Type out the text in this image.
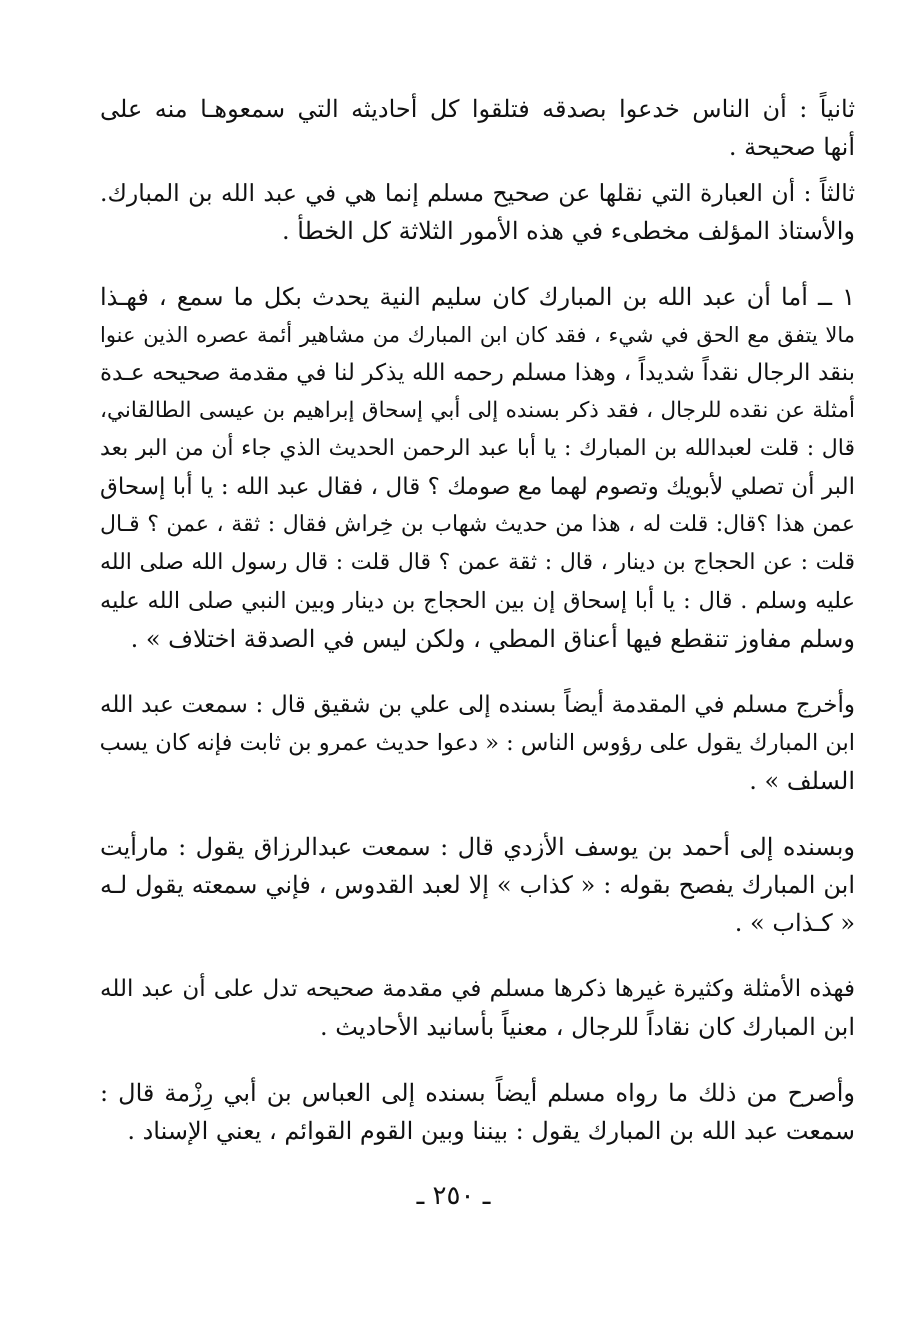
ثانياً : أن الناس خدعوا بصدقه فتلقوا كل أحاديثه التي سمعوهـا منه على
أنها صحيحة .
ثالثاً : أن العبارة التي نقلها عن صحيح مسلم إنما هي في عبد الله بن المبارك.
والأستاذ المؤلف مخطىء في هذه الأمور الثلاثة كل الخطأ .
١ ــ أما أن عبد الله بن المبارك كان سليم النية يحدث بكل ما سمع ، فهـذا
مالا يتفق مع الحق في شيء ، فقد كان ابن المبارك من مشاهير أئمة عصره الذين عنوا
بنقد الرجال نقداً شديداً ، وهذا مسلم رحمه الله يذكر لنا في مقدمة صحيحه عـدة
أمثلة عن نقده للرجال ، فقد ذكر بسنده إلى أبي إسحاق إبراهيم بن عيسى الطالقاني،
قال : قلت لعبدالله بن المبارك : يا أبا عبد الرحمن الحديث الذي جاء أن من البر بعد
البر أن تصلي لأبويك وتصوم لهما مع صومك ؟ قال ، فقال عبد الله : يا أبا إسحاق
عمن هذا ؟قال: قلت له ، هذا من حديث شهاب بن خِراش فقال : ثقة ، عمن ؟ قـال
قلت : عن الحجاج بن دينار ، قال : ثقة عمن ؟ قال قلت : قال رسول الله صلى الله
عليه وسلم . قال : يا أبا إسحاق إن بين الحجاج بن دينار وبين النبي صلى الله عليه
وسلم مفاوز تنقطع فيها أعناق المطي ، ولكن ليس في الصدقة اختلاف » .
وأخرج مسلم في المقدمة أيضاً بسنده إلى علي بن شقيق قال : سمعت عبد الله
ابن المبارك يقول على رؤوس الناس : « دعوا حديث عمرو بن ثابت فإنه كان يسب
السلف » .
وبسنده إلى أحمد بن يوسف الأزدي قال : سمعت عبدالرزاق يقول : مارأيت
ابن المبارك يفصح بقوله : « كذاب » إلا لعبد القدوس ، فإني سمعته يقول لـه
« كـذاب » .
فهذه الأمثلة وكثيرة غيرها ذكرها مسلم في مقدمة صحيحه تدل على أن عبد الله
ابن المبارك كان نقاداً للرجال ، معنياً بأسانيد الأحاديث .
وأصرح من ذلك ما رواه مسلم أيضاً بسنده إلى العباس بن أبي رِزْمة قال :
سمعت عبد الله بن المبارك يقول : بيننا وبين القوم القوائم ، يعني الإسناد .
ـ ٢٥٠ ـ
